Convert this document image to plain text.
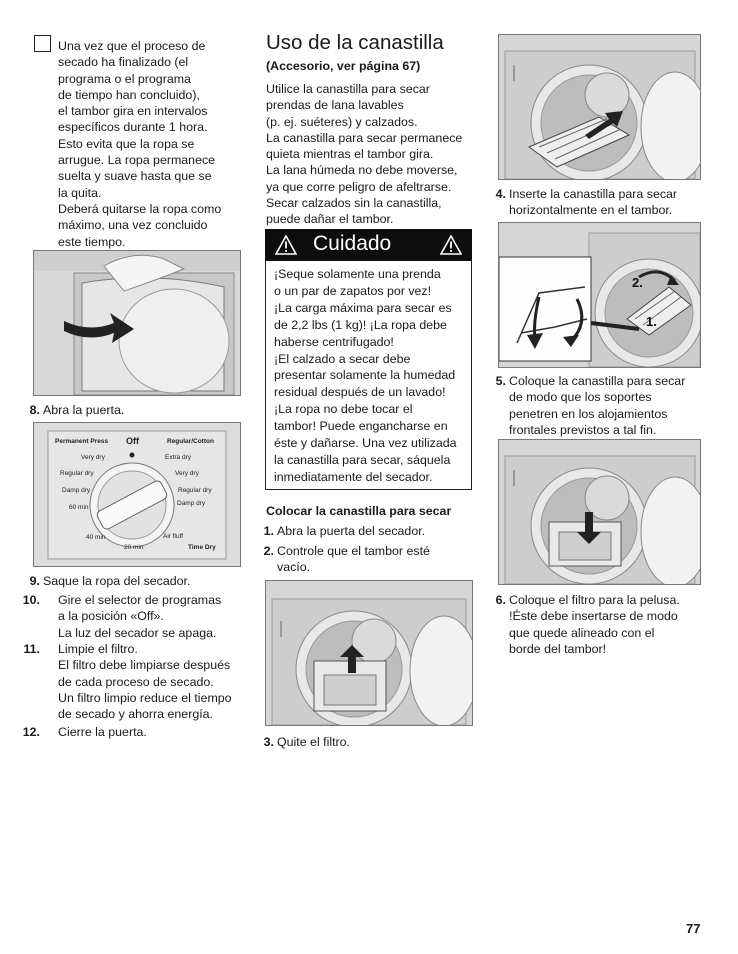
Una vez que el proceso de
secado ha finalizado (el
programa o el programa
de tiempo han concluido),
el tambor gira en intervalos
específicos durante 1 hora.
Esto evita que la ropa se
arrugue. La ropa permanece
suelta y suave hasta que se
la quita.
Deberá quitarse la ropa como
máximo, una vez concluido
este tiempo.

8. Abra la puerta.
Permanent Press Off	Regular/Cotton
Very dry
Regular dry
Damp dry
60 min
40 min
20 min
Extra dry
Very dry
Regular dry
Damp dry
Air fluff
Time Dry
9. Saque la ropa del secador.
10. Gire el selector de programas
a la posición «Off».
La luz del secador se apaga.
11. Limpie el filtro.
El filtro debe limpiarse después
de cada proceso de secado.
Un filtro limpio reduce el tiempo
de secado y ahorra energía.
12. Cierre la puerta.
Uso de la canastilla
(Accesorio, ver página 67)

Utilice la canastilla para secar
prendas de lana lavables
(p. ej. suéteres) y calzados.
La canastilla para secar permanece
quieta mientras el tambor gira.
La lana húmeda no debe moverse,
ya que corre peligro de afeltrarse.
Secar calzados sin la canastilla,
puede dañar el tambor.

Cuidado

¡Seque solamente una prenda
o un par de zapatos por vez!
¡La carga máxima para secar es
de 2,2 lbs (1 kg)! ¡La ropa debe
haberse centrifugado!
¡El calzado a secar debe
presentar solamente la humedad
residual después de un lavado!
¡La ropa no debe tocar el
tambor! Puede engancharse en
éste y dañarse. Una vez utilizada
la canastilla para secar, sáquela
inmediatamente del secador.

Colocar la canastilla para secar
1. Abra la puerta del secador.
2. Controle que el tambor esté
vacío.
3. Quite el filtro.
4. Inserte la canastilla para secar
horizontalmente en el tambor.
2.
1.
5. Coloque la canastilla para secar
de modo que los soportes
penetren en los alojamientos
frontales previstos a tal fin.
6. Coloque el filtro para la pelusa.
!Éste debe insertarse de modo
que quede alineado con el
borde del tambor!
77
